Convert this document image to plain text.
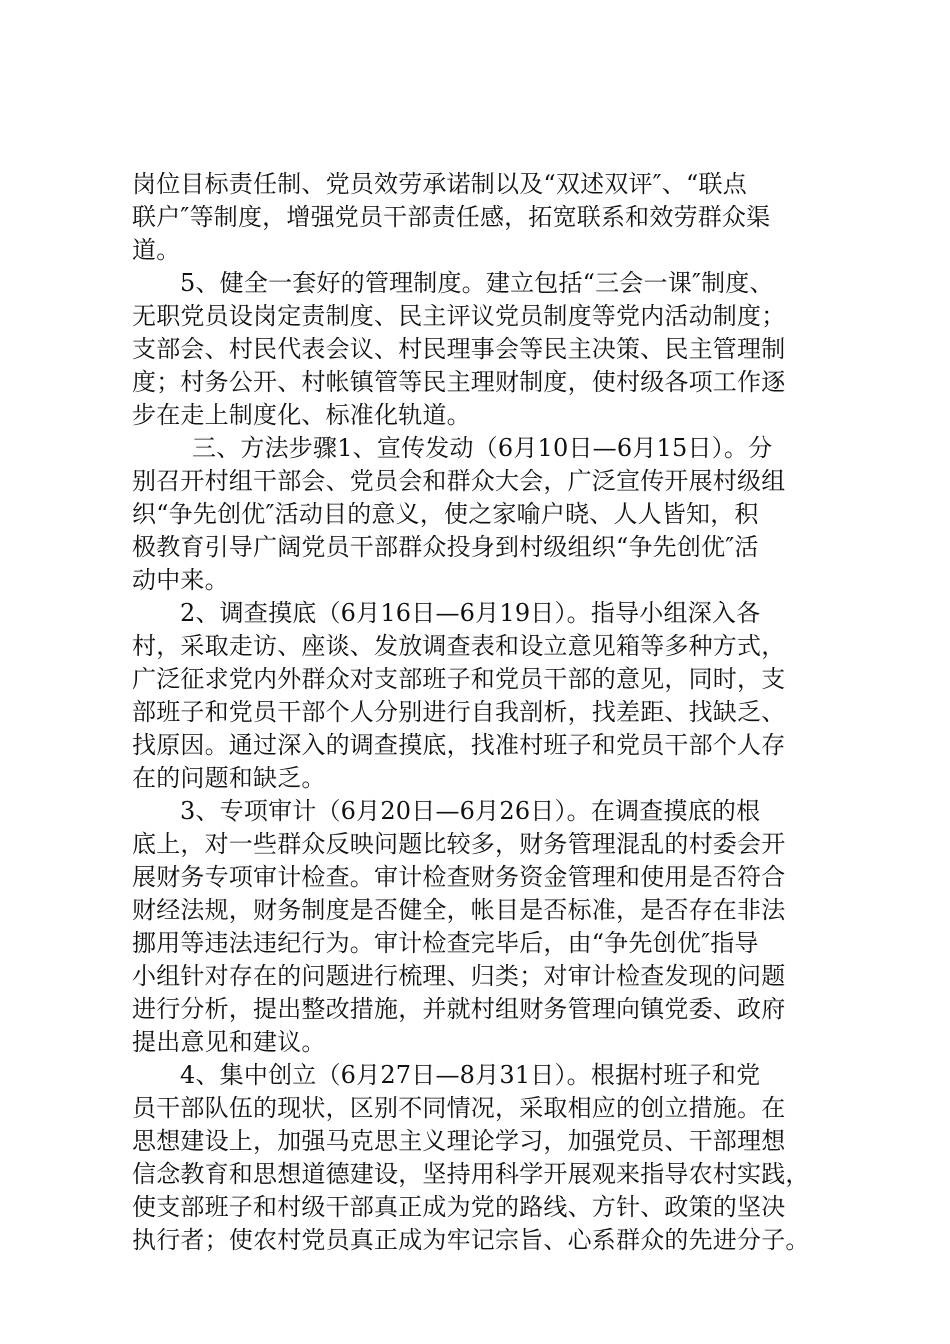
岗位目标责任制、党员效劳承诺制以及“双述双评″、“联点
联户″等制度，增强党员干部责任感，拓宽联系和效劳群众渠
道。
5、健全一套好的管理制度。建立包括“三会一课″制度、
无职党员设岗定责制度、民主评议党员制度等党内活动制度；
支部会、村民代表会议、村民理事会等民主决策、民主管理制
度；村务公开、村帐镇管等民主理财制度，使村级各项工作逐
步在走上制度化、标准化轨道。
三、方法步骤1、宣传发动（6月10日—6月15日）。分
别召开村组干部会、党员会和群众大会，广泛宣传开展村级组
织“争先创优″活动目的意义，使之家喻户晓、人人皆知，积
极教育引导广阔党员干部群众投身到村级组织“争先创优″活
动中来。
2、调查摸底（6月16日—6月19日）。指导小组深入各
村，采取走访、座谈、发放调查表和设立意见箱等多种方式，
广泛征求党内外群众对支部班子和党员干部的意见，同时，支
部班子和党员干部个人分别进行自我剖析，找差距、找缺乏、
找原因。通过深入的调查摸底，找准村班子和党员干部个人存
在的问题和缺乏。
3、专项审计（6月20日—6月26日）。在调查摸底的根
底上，对一些群众反映问题比较多，财务管理混乱的村委会开
展财务专项审计检查。审计检查财务资金管理和使用是否符合
财经法规，财务制度是否健全，帐目是否标准，是否存在非法
挪用等违法违纪行为。审计检查完毕后，由“争先创优″指导
小组针对存在的问题进行梳理、归类；对审计检查发现的问题
进行分析，提出整改措施，并就村组财务管理向镇党委、政府
提出意见和建议。
4、集中创立（6月27日—8月31日）。根据村班子和党
员干部队伍的现状，区别不同情况，采取相应的创立措施。在
思想建设上，加强马克思主义理论学习，加强党员、干部理想
信念教育和思想道德建设，坚持用科学开展观来指导农村实践，
使支部班子和村级干部真正成为党的路线、方针、政策的坚决
执行者；使农村党员真正成为牢记宗旨、心系群众的先进分子。
